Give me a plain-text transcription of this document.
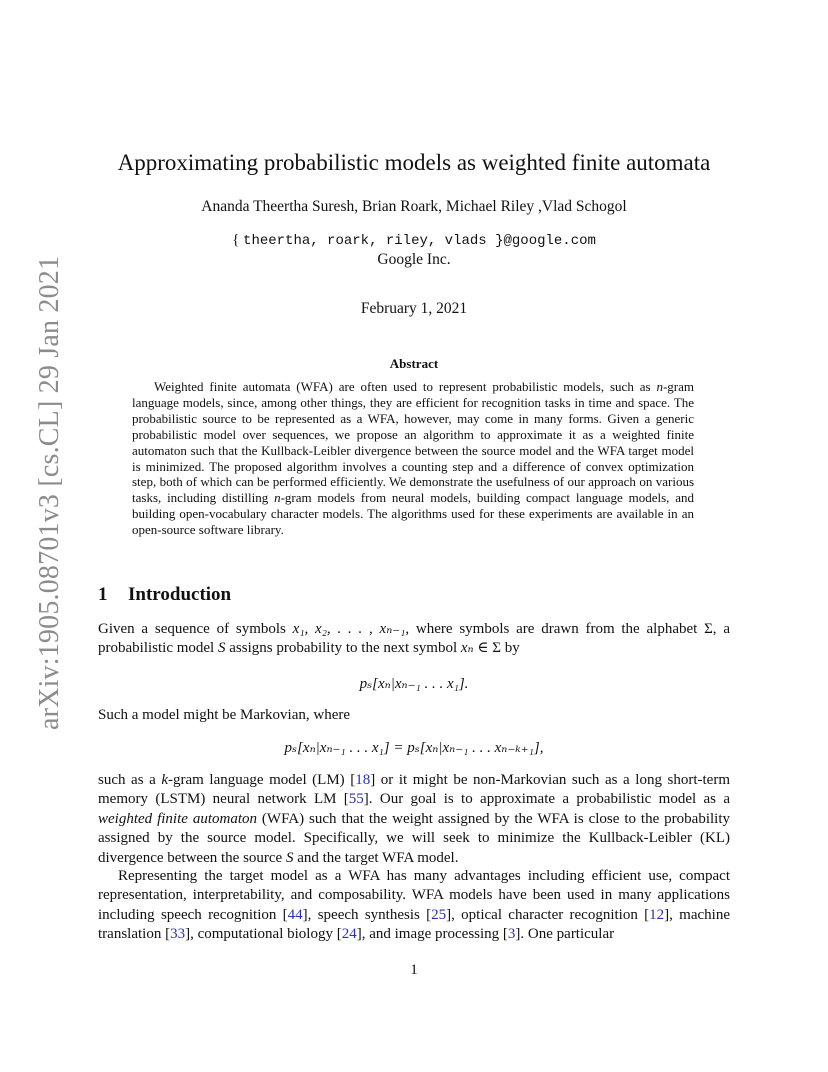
arXiv:1905.08701v3 [cs.CL] 29 Jan 2021
Approximating probabilistic models as weighted finite automata
Ananda Theertha Suresh, Brian Roark, Michael Riley ,Vlad Schogol
{ theertha, roark, riley, vlads }@google.com
Google Inc.
February 1, 2021
Abstract
Weighted finite automata (WFA) are often used to represent probabilistic models, such as n-gram language models, since, among other things, they are efficient for recognition tasks in time and space. The probabilistic source to be represented as a WFA, however, may come in many forms. Given a generic probabilistic model over sequences, we propose an algorithm to approximate it as a weighted finite automaton such that the Kullback-Leibler divergence between the source model and the WFA target model is minimized. The proposed algorithm involves a counting step and a difference of convex optimization step, both of which can be performed efficiently. We demonstrate the usefulness of our approach on various tasks, including distilling n-gram models from neural models, building compact language models, and building open-vocabulary character models. The algorithms used for these experiments are available in an open-source software library.
1 Introduction
Given a sequence of symbols x₁, x₂, . . . , xₙ₋₁, where symbols are drawn from the alphabet Σ, a probabilistic model S assigns probability to the next symbol xₙ ∈ Σ by
pₛ[xₙ|xₙ₋₁ . . . x₁].
Such a model might be Markovian, where
pₛ[xₙ|xₙ₋₁ . . . x₁] = pₛ[xₙ|xₙ₋₁ . . . xₙ₋ₖ₊₁],
such as a k-gram language model (LM) [18] or it might be non-Markovian such as a long short-term memory (LSTM) neural network LM [55]. Our goal is to approximate a probabilistic model as a weighted finite automaton (WFA) such that the weight assigned by the WFA is close to the probability assigned by the source model. Specifically, we will seek to minimize the Kullback-Leibler (KL) divergence between the source S and the target WFA model.
Representing the target model as a WFA has many advantages including efficient use, compact representation, interpretability, and composability. WFA models have been used in many applications including speech recognition [44], speech synthesis [25], optical character recognition [12], machine translation [33], computational biology [24], and image processing [3]. One particular
1
